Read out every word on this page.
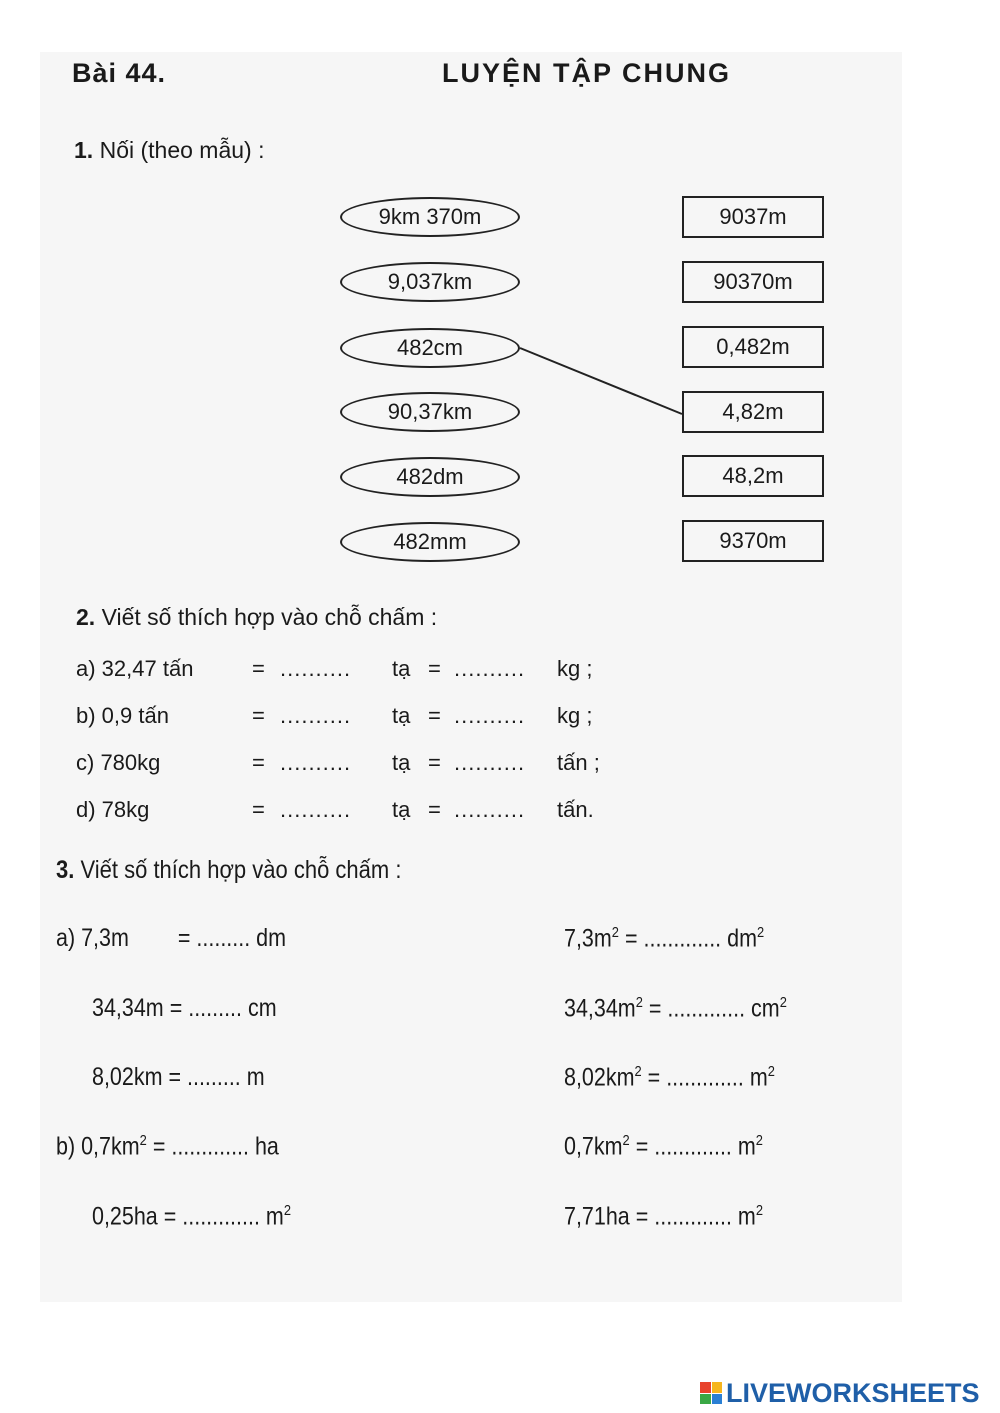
Bài 44.	LUYỆN TẬP CHUNG
1. Nối (theo mẫu) :
9km 370m
9,037km
482cm
90,37km
482dm
482mm
9037m
90370m
0,482m
4,82m
48,2m
9370m
2. Viết số thích hợp vào chỗ chấm :
a) 32,47 tấn	= .......... tạ = .......... kg ;
b) 0,9 tấn	= .......... tạ = .......... kg ;
c) 780kg	= .......... tạ = .......... tấn ;
d) 78kg	= .......... tạ = .......... tấn.
3. Viết số thích hợp vào chỗ chấm :
a) 7,3m = ......... dm
34,34m = ......... cm
8,02km = ......... m
b) $0,7km^2$ = ............. ha
0,25ha = ............. $m^2$
$7,3m^2$ = ............. $dm^2$
$34,34m^2$ = ............. $cm^2$
$8,02km^2$ = ............. $m^2$
$0,7km^2$ = ............. $m^2$
7,71ha = ............. $m^2$
LIVEWORKSHEETS
